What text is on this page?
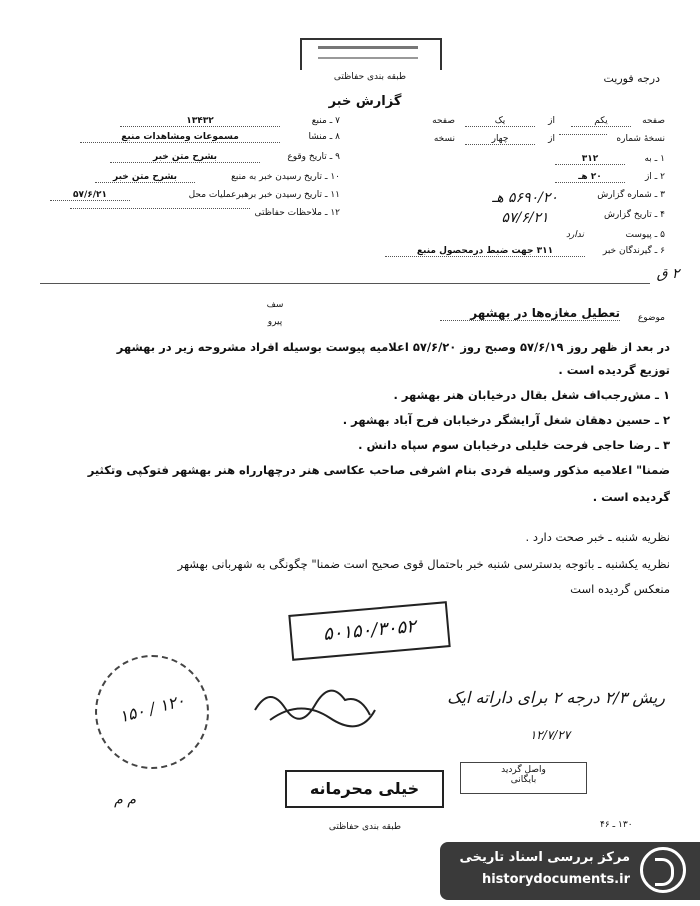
طبقه بندی حفاظتی	درجه فوریت
گزارش خبر
۷ ـ منبع
۱۳۴۳۲
۸ ـ منشا
مسموعات ومشاهدات منبع
۹ ـ تاریخ وقوع
بشرح متن خبر
۱۰ ـ تاریخ رسیدن خبر به منبع
بشرح متن خبر
۱۱ ـ تاریخ رسیدن خبر برهبرعملیات محل
۵۷/۶/۲۱
۱۲ ـ ملاحظات حفاظتی
صفحه
یکم
از
یک
صفحه
نسخهٔ شماره
از
چهار
نسخه
۱ ـ به
۳۱۲
۲ ـ از
۲۰ هـ
۳ ـ شماره گزارش
۵۶۹۰/۲۰ هـ
۴ ـ تاریخ گزارش
۵۷/۶/۲۱
۵ ـ پیوست
ندارد
۶ ـ گیرندگان خبر
۳۱۱ جهت ضبط درمحصول منبع
۲ ق
موضوع
تعطیل مغازه‌ها در بهشهر
سف
پیرو
در بعد از ظهر روز ۵۷/۶/۱۹ وصبح روز ۵۷/۶/۲۰ اعلامیه پیوست بوسیله افراد مشروحه زیر در بهشهر
توزیع گردیده است .
۱ ـ مش‌رجب‌اف شغل بقال درخیابان هنر بهشهر .
۲ ـ حسین دهقان شغل آرایشگر درخیابان فرح آباد بهشهر .
۳ ـ رضا حاجی فرحت خلیلی درخیابان سوم سپاه دانش .
ضمنا" اعلامیه مذکور وسیله فردی بنام اشرفی صاحب عکاسی هنر درچهارراه هنر بهشهر فتوکپی وتکثیر
گردیده است .
نظریه شنبه ـ خبر صحت دارد .
نظریه یکشنبه ـ باتوجه بدسترسی شنبه خبر باحتمال قوی صحیح است ضمنا" چگونگی به شهربانی بهشهر
منعکس گردیده است
۵۰۱۵۰/۳۰۵۲
۱۵۰ / ۱۲۰	ریش ۲/۳ درجه ۲ برای داراته ایک
۱۲/۷/۲۷
م م
خیلی محرمانه
واصل گردید
بایگانی
طبقه بندی حفاظتی	۱۳۰ ـ ۴۶
مرکز بررسی اسناد تاریخی
historydocuments.ir
